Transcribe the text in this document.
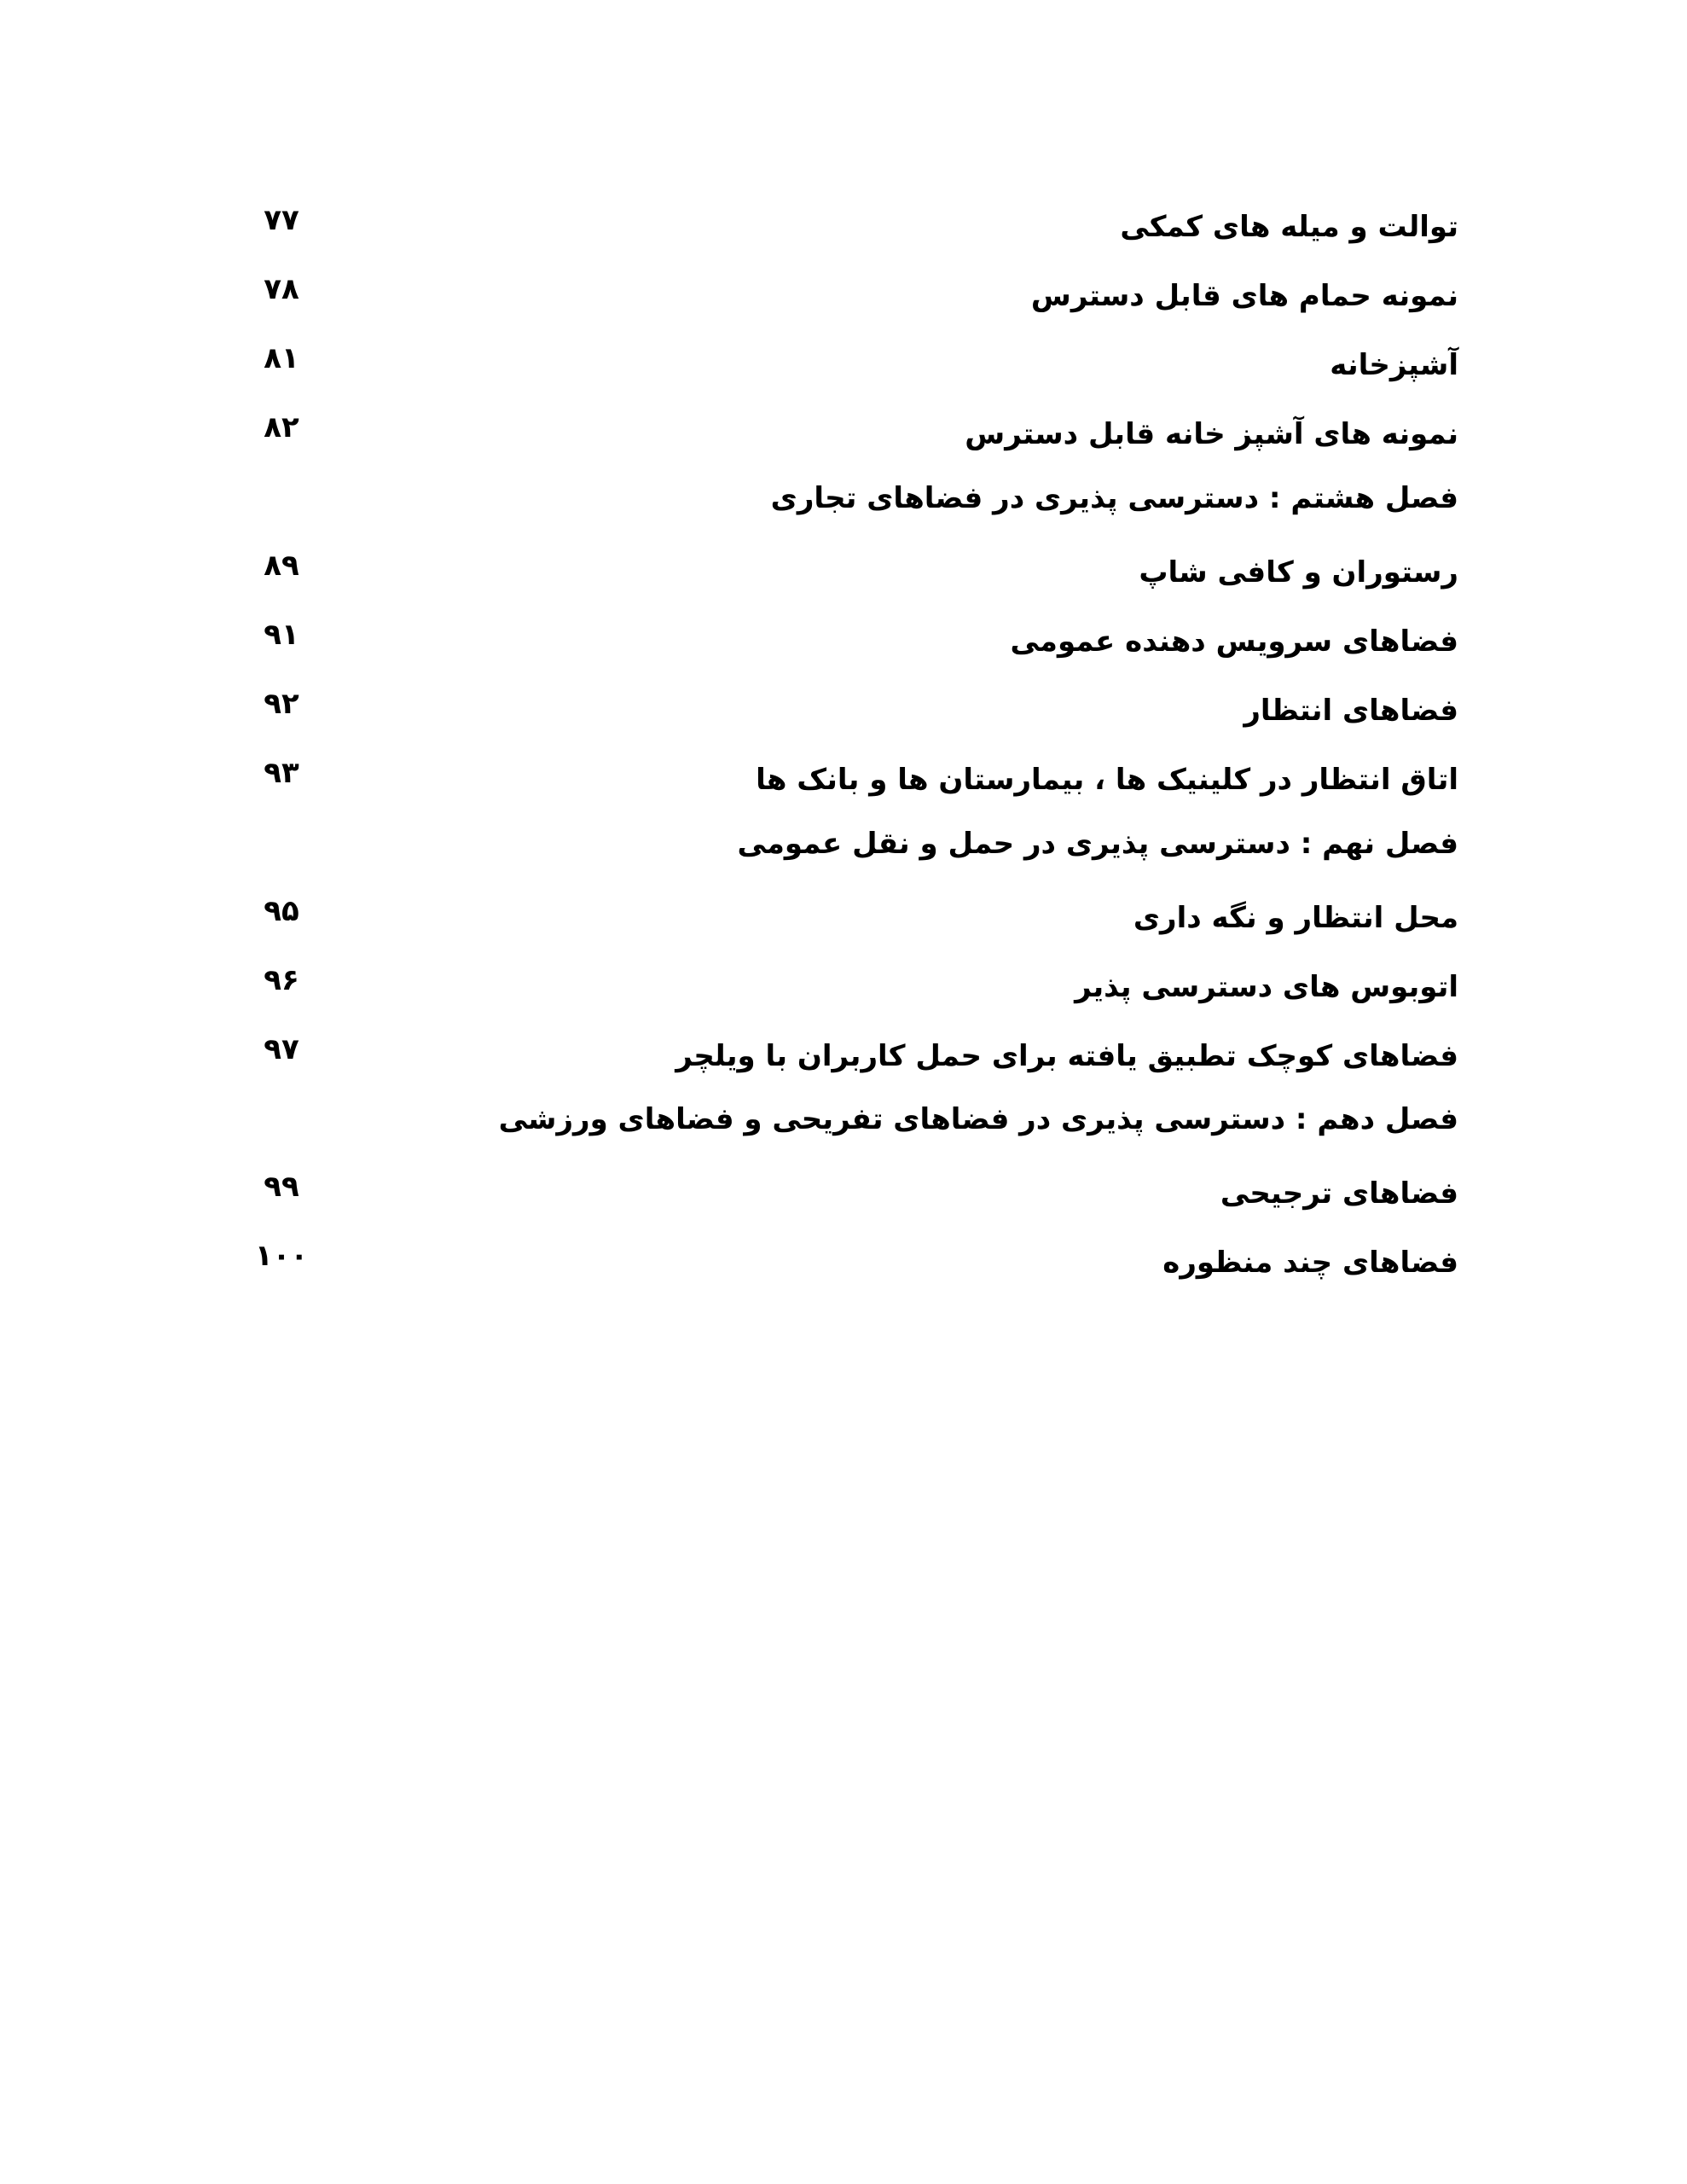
توالت و میله های کمکی
۷۷
نمونه حمام های قابل دسترس
۷۸
آشپزخانه
۸۱
نمونه های آشپز خانه قابل دسترس
۸۲
فصل هشتم : دسترسی پذیری در فضاهای تجاری
رستوران و کافی شاپ
۸۹
فضاهای سرویس دهنده عمومی
۹۱
فضاهای انتظار
۹۲
اتاق انتظار در کلینیک ها ، بیمارستان ها و بانک ها
۹۳
فصل نهم : دسترسی پذیری در حمل و نقل عمومی
محل انتظار و نگه داری
۹۵
اتوبوس های دسترسی پذیر
۹۶
فضاهای کوچک تطبیق یافته برای حمل کاربران با ویلچر
۹۷
فصل دهم : دسترسی پذیری در فضاهای تفریحی و فضاهای ورزشی
فضاهای ترجیحی
۹۹
فضاهای چند منظوره
۱۰۰
